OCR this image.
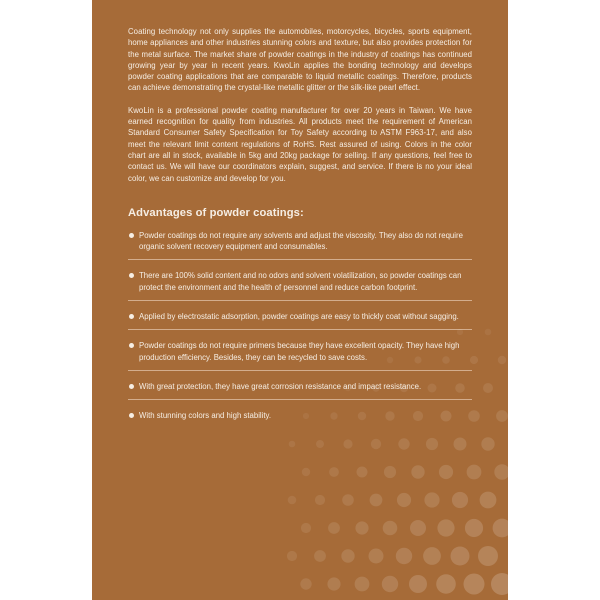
Coating technology not only supplies the automobiles, motorcycles, bicycles, sports equipment, home appliances and other industries stunning colors and texture, but also provides protection for the metal surface. The market share of powder coatings in the industry of coatings has continued growing year by year in recent years. KwoLin applies the bonding technology and develops powder coating applications that are comparable to liquid metallic coatings. Therefore, products can achieve demonstrating the crystal-like metallic glitter or the silk-like pearl effect.

KwoLin is a professional powder coating manufacturer for over 20 years in Taiwan. We have earned recognition for quality from industries. All products meet the requirement of American Standard Consumer Safety Specification for Toy Safety according to ASTM F963-17, and also meet the relevant limit content regulations of RoHS. Rest assured of using. Colors in the color chart are all in stock, available in 5kg and 20kg package for selling. If any questions, feel free to contact us. We will have our coordinators explain, suggest, and service. If there is no your ideal color, we can customize and develop for you.

Advantages of powder coatings:
Powder coatings do not require any solvents and adjust the viscosity. They also do not require organic solvent recovery equipment and consumables.
There are 100% solid content and no odors and solvent volatilization, so powder coatings can protect the environment and the health of personnel and reduce carbon footprint.
Applied by electrostatic adsorption, powder coatings are easy to thickly coat without sagging.
Powder coatings do not require primers because they have excellent opacity. They have high production efficiency. Besides, they can be recycled to save costs.
With great protection, they have great corrosion resistance and impact resistance.
With stunning colors and high stability.
